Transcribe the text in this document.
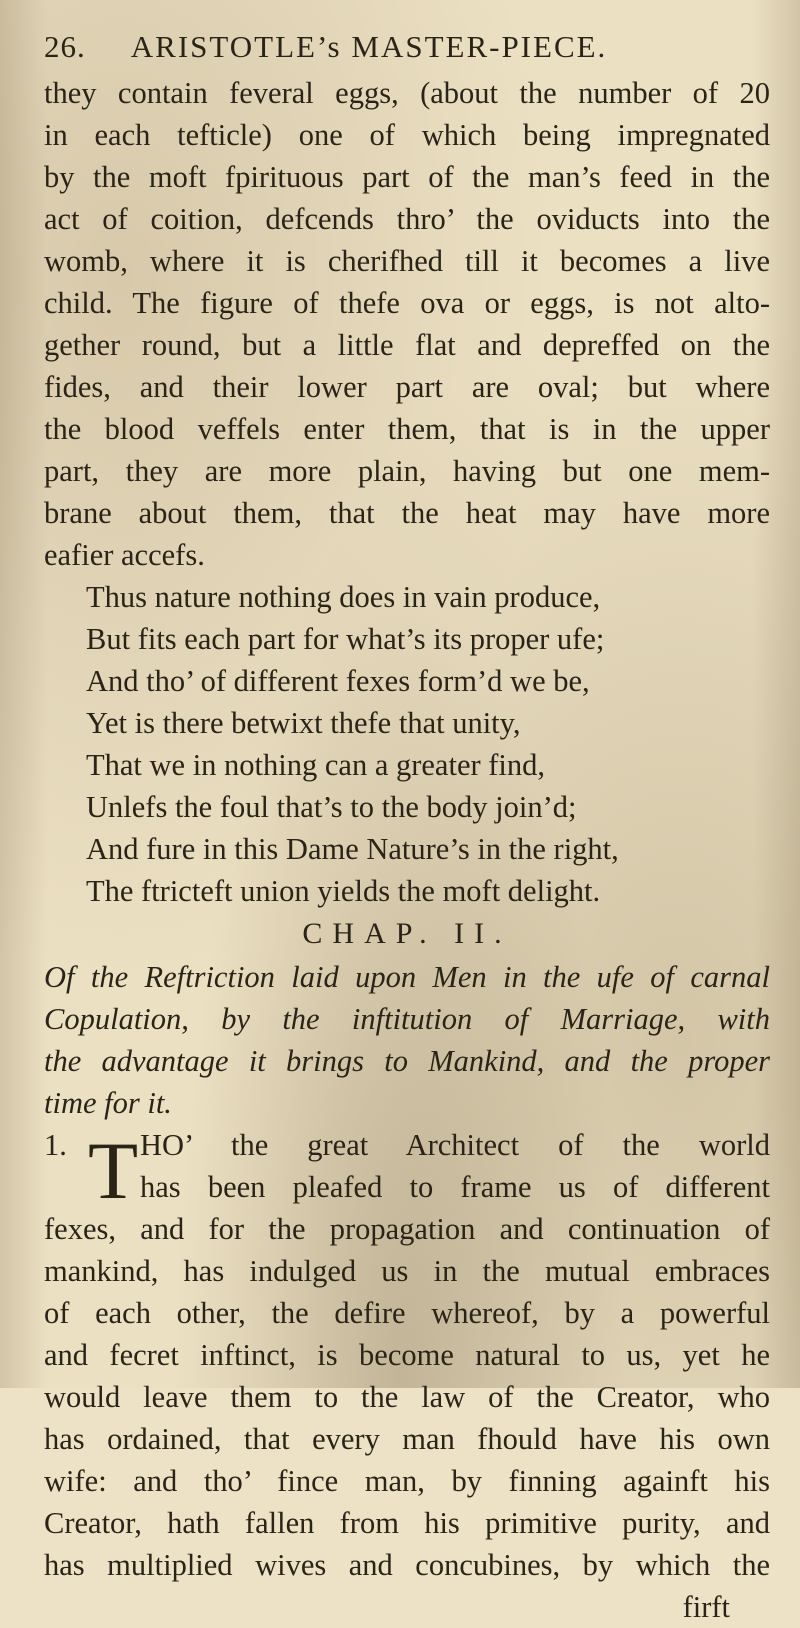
26. ARISTOTLE’s MASTER-PIECE.
they contain feveral eggs, (about the number of 20
in each tefticle) one of which being impregnated
by the moft fpirituous part of the man’s feed in the
act of coition, defcends thro’ the oviducts into the
womb, where it is cherifhed till it becomes a live
child. The figure of thefe ova or eggs, is not alto-
gether round, but a little flat and depreffed on the
fides, and their lower part are oval; but where
the blood veffels enter them, that is in the upper
part, they are more plain, having but one mem-
brane about them, that the heat may have more
eafier accefs.
Thus nature nothing does in vain produce,
But fits each part for what’s its proper ufe;
And tho’ of different fexes form’d we be,
Yet is there betwixt thefe that unity,
That we in nothing can a greater find,
Unlefs the foul that’s to the body join’d;
And fure in this Dame Nature’s in the right,
The ftricteft union yields the moft delight.
CHAP. II.
Of the Reftriction laid upon Men in the ufe of carnal
Copulation, by the inftitution of Marriage, with
the advantage it brings to Mankind, and the proper
time for it.
T
1. HO’ the great Architect of the world
has been pleafed to frame us of different
fexes, and for the propagation and continuation of
mankind, has indulged us in the mutual embraces
of each other, the defire whereof, by a powerful
and fecret inftinct, is become natural to us, yet he
would leave them to the law of the Creator, who
has ordained, that every man fhould have his own
wife: and tho’ fince man, by finning againft his
Creator, hath fallen from his primitive purity, and
has multiplied wives and concubines, by which the
firft
